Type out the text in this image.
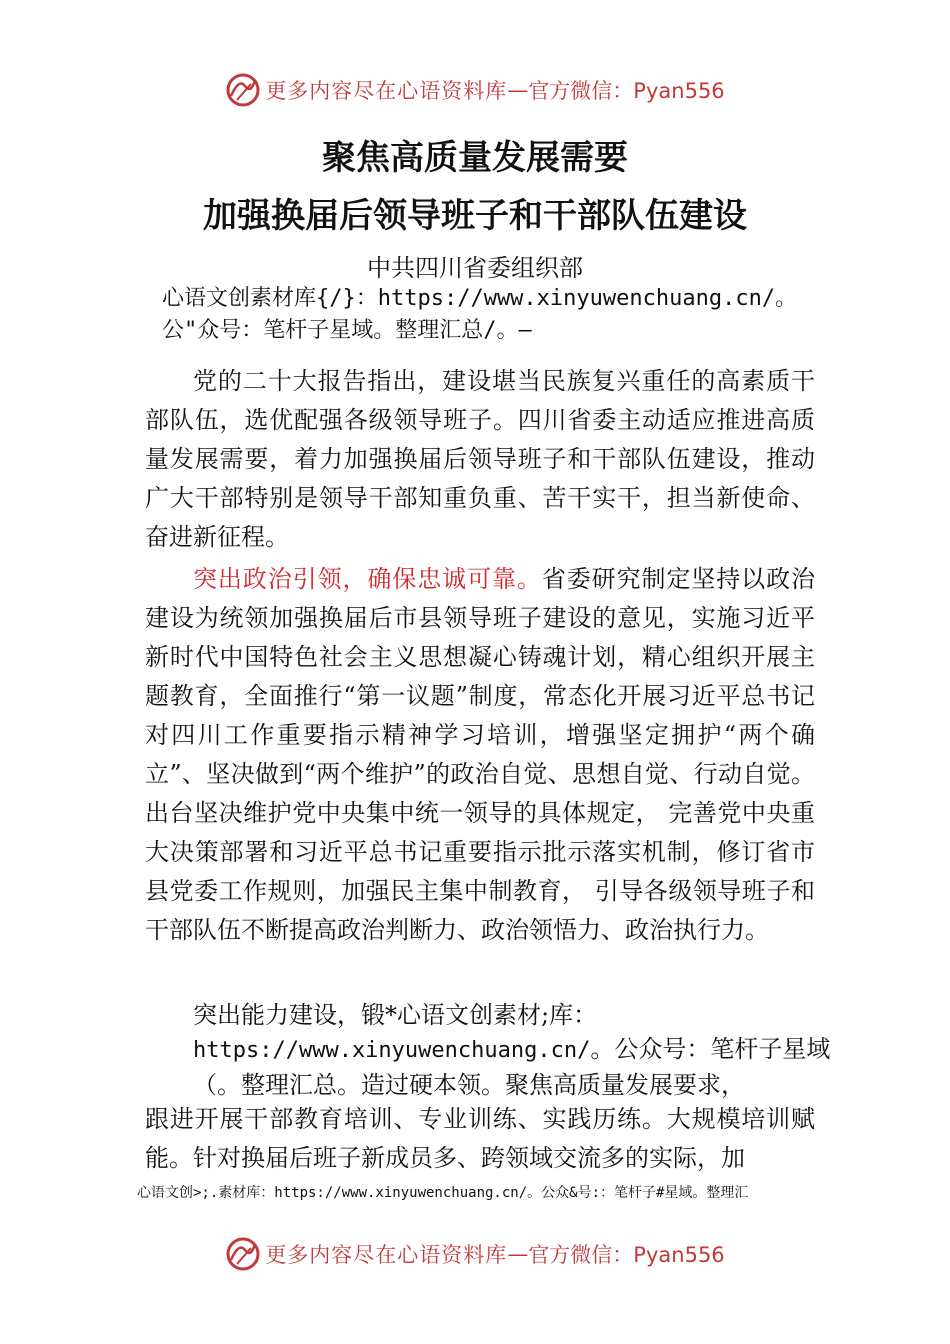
更多内容尽在心语资料库 — 官方微信：Pyan556
聚焦高质量发展需要
加强换届后领导班子和干部队伍建设
中共四川省委组织部
心语文创素材库{/}：https://www.xinyuwenchuang.cn/。
公"众号：笔杆子星域。整理汇总/。—
党的二十大报告指出，建设堪当民族复兴重任的高素质干部队伍，选优配强各级领导班子。四川省委主动适应推进高质量发展需要，着力加强换届后领导班子和干部队伍建设，推动广大干部特别是领导干部知重负重、苦干实干，担当新使命、奋进新征程。
突出政治引领，确保忠诚可靠。省委研究制定坚持以政治建设为统领加强换届后市县领导班子建设的意见，实施习近平新时代中国特色社会主义思想凝心铸魂计划，精心组织开展主题教育，全面推行“第一议题”制度，常态化开展习近平总书记对四川工作重要指示精神学习培训，增强坚定拥护“两个确立”、坚决做到“两个维护”的政治自觉、思想自觉、行动自觉。出台坚决维护党中央集中统一领导的具体规定， 完善党中央重大决策部署和习近平总书记重要指示批示落实机制，修订省市县党委工作规则，加强民主集中制教育， 引导各级领导班子和干部队伍不断提高政治判断力、政治领悟力、政治执行力。
突出能力建设，锻*心语文创素材;库：https://www.xinyuwenchuang.cn/。公众号：笔杆子星域（。整理汇总。造过硬本领。聚焦高质量发展要求，
跟进开展干部教育培训、专业训练、实践历练。大规模培训赋能。针对换届后班子新成员多、跨领域交流多的实际，加
心语文创>;.素材库：https://www.xinyuwenchuang.cn/。公众&号:：笔杆子#星域。整理汇
更多内容尽在心语资料库 — 官方微信：Pyan556
